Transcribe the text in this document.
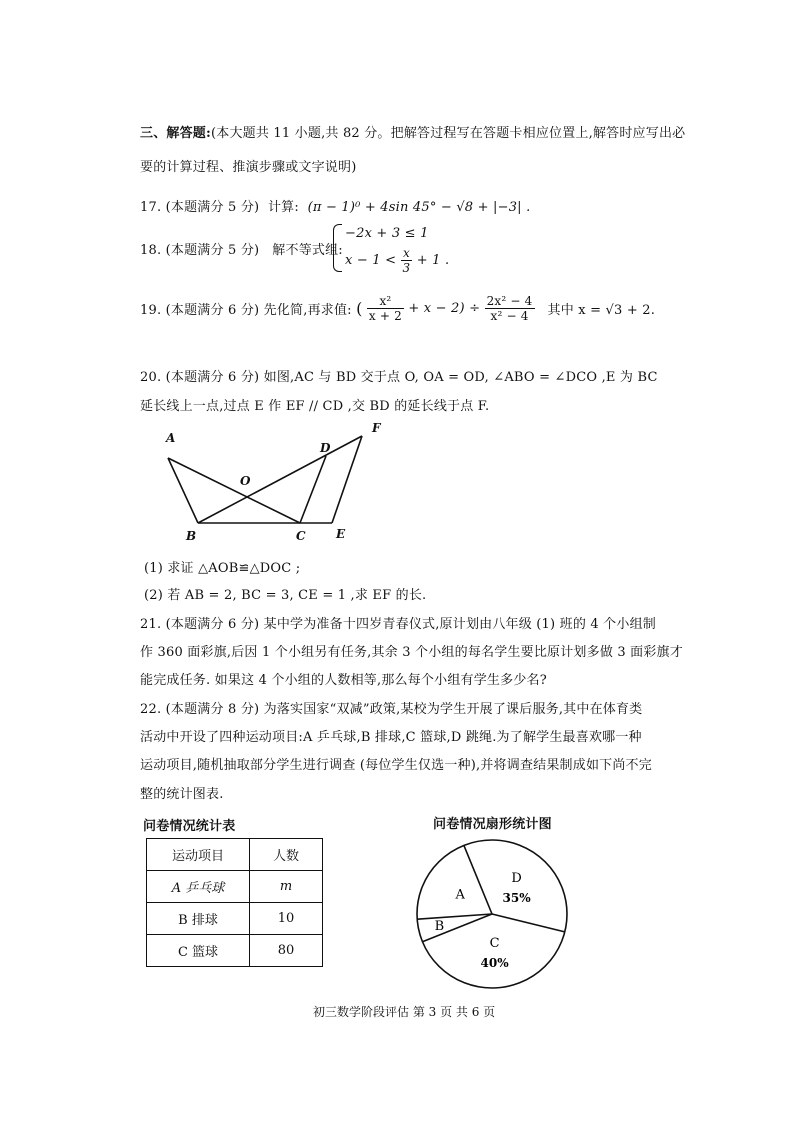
三、解答题:(本大题共 11 小题,共 82 分。把解答过程写在答题卡相应位置上,解答时应写出必
要的计算过程、推演步骤或文字说明)
17. (本题满分 5 分) 计算: (π − 1)⁰ + 4sin 45° − √8 + |−3| .
18. (本题满分 5 分) 解不等式组:
−2x + 3 ≤ 1
$x - 1 < \frac{x}{3} + 1$ .
19. (本题满分 6 分) 先化简,再求值: ( $\frac{\text{x²}}{x + 2} + x - 2) \div \frac{\text{2x² − 4}}{\text{x² − 4}}$ 其中 x = √3 + 2.
20. (本题满分 6 分) 如图,AC 与 BD 交于点 O, OA = OD, ∠ABO = ∠DCO ,E 为 BC
延长线上一点,过点 E 作 EF // CD ,交 BD 的延长线于点 F.
A
B	C
D
E
F
O
(1) 求证 △AOB≌△DOC ;
(2) 若 AB = 2, BC = 3, CE = 1 ,求 EF 的长.
21. (本题满分 6 分) 某中学为准备十四岁青春仪式,原计划由八年级 (1) 班的 4 个小组制
作 360 面彩旗,后因 1 个小组另有任务,其余 3 个小组的每名学生要比原计划多做 3 面彩旗才
能完成任务. 如果这 4 个小组的人数相等,那么每个小组有学生多少名?
22. (本题满分 8 分) 为落实国家“双减”政策,某校为学生开展了课后服务,其中在体育类
活动中开设了四种运动项目:A 乒乓球,B 排球,C 篮球,D 跳绳.为了解学生最喜欢哪一种
运动项目,随机抽取部分学生进行调查 (每位学生仅选一种),并将调查结果制成如下尚不完
整的统计图表.
问卷情况统计表
运动项目	人数
A 乒乓球	m
B 排球	10
C 篮球	80
问卷情况扇形统计图
D
35%
C
40%
B
A
初三数学阶段评估 第 3 页 共 6 页
